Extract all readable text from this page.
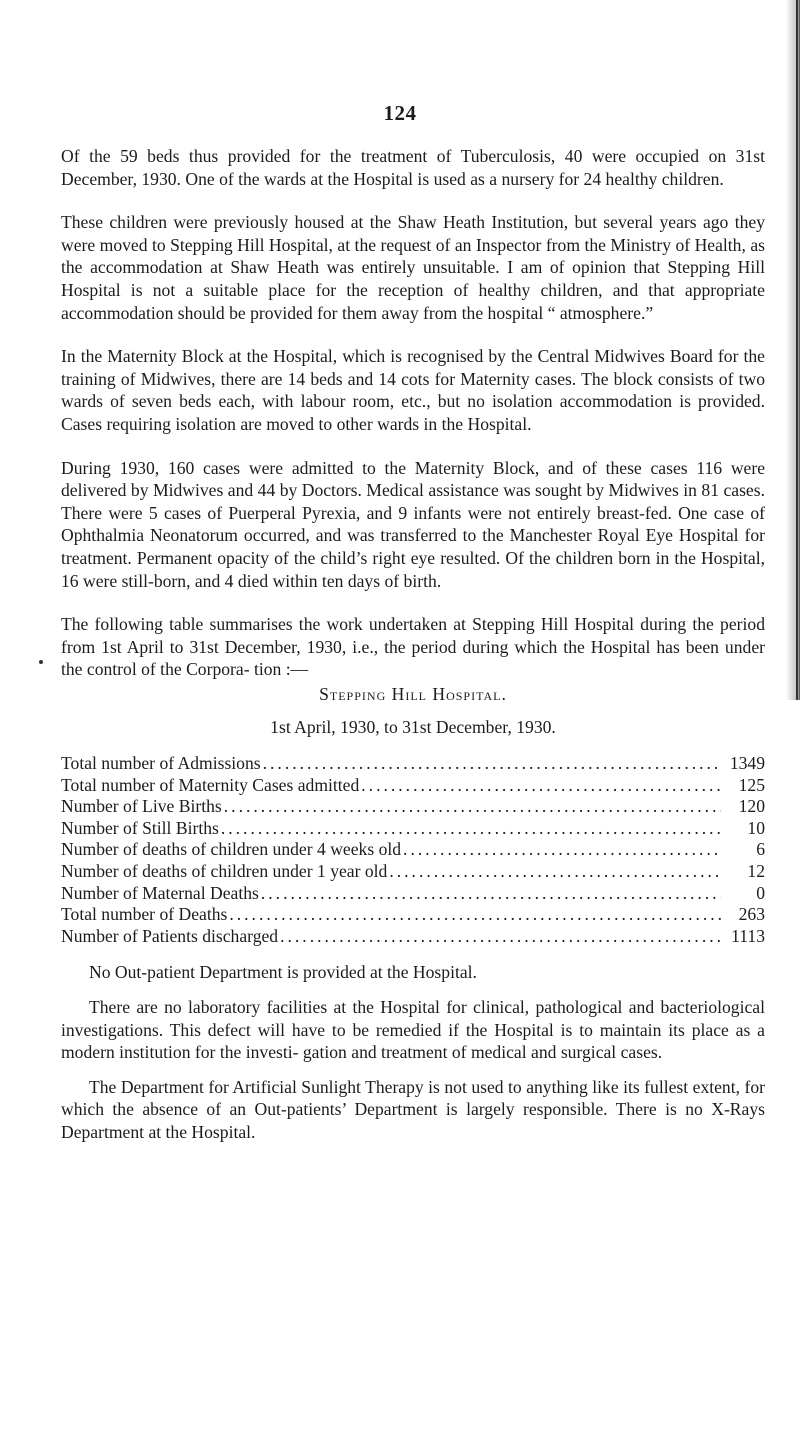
124

Of the 59 beds thus provided for the treatment of Tuberculosis, 40 were occupied on 31st December, 1930. One of the wards at the Hospital is used as a nursery for 24 healthy children.

These children were previously housed at the Shaw Heath Institution, but several years ago they were moved to Stepping Hill Hospital, at the request of an Inspector from the Ministry of Health, as the accommodation at Shaw Heath was entirely unsuitable. I am of opinion that Stepping Hill Hospital is not a suitable place for the reception of healthy children, and that appropriate accommodation should be provided for them away from the hospital “ atmosphere.”

In the Maternity Block at the Hospital, which is recognised by the Central Midwives Board for the training of Midwives, there are 14 beds and 14 cots for Maternity cases. The block consists of two wards of seven beds each, with labour room, etc., but no isolation accommodation is provided. Cases requiring isolation are moved to other wards in the Hospital.

During 1930, 160 cases were admitted to the Maternity Block, and of these cases 116 were delivered by Midwives and 44 by Doctors. Medical assistance was sought by Midwives in 81 cases. There were 5 cases of Puerperal Pyrexia, and 9 infants were not entirely breast-fed. One case of Ophthalmia Neonatorum occurred, and was transferred to the Manchester Royal Eye Hospital for treatment. Permanent opacity of the child’s right eye resulted. Of the children born in the Hospital, 16 were still-born, and 4 died within ten days of birth.

The following table summarises the work undertaken at Stepping Hill Hospital during the period from 1st April to 31st December, 1930, i.e., the period during which the Hospital has been under the control of the Corpora- tion :—

Stepping Hill Hospital.

1st April, 1930, to 31st December, 1930.

Total number of Admissions .....	1349
Total number of Maternity Cases admitted .....	125
Number of Live Births .....	120
Number of Still Births .....	10
Number of deaths of children under 4 weeks old .....	6
Number of deaths of children under 1 year old .....	12
Number of Maternal Deaths .....	0
Total number of Deaths .....	263
Number of Patients discharged .....	1113

No Out-patient Department is provided at the Hospital.

There are no laboratory facilities at the Hospital for clinical, pathological and bacteriological investigations. This defect will have to be remedied if the Hospital is to maintain its place as a modern institution for the investi- gation and treatment of medical and surgical cases.

The Department for Artificial Sunlight Therapy is not used to anything like its fullest extent, for which the absence of an Out-patients’ Department is largely responsible. There is no X-Rays Department at the Hospital.
